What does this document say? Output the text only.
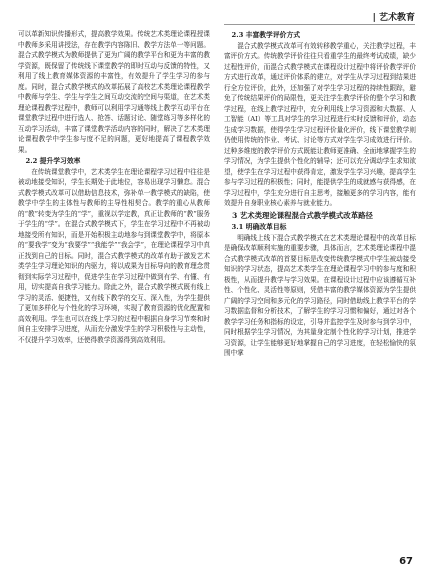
| 艺术教育

可以革新知识传播形式，提高教学效果。传统艺术类理论课程授课中教师多采用讲授法，存在教学内容陈旧、教学方法单一等问题。混合式教学模式为教师提供了更为广阔的教学平台和更为丰富的教学资源，既保留了传统线下课堂教学的即时互动与反馈的特性，又利用了线上教育媒体资源的丰富性，有效提升了学生学习的参与度。同时，混合式教学模式的改革拓展了高校艺术类理论课程教学中教师与学生、学生与学生之间互动交流的空间与渠道，在艺术类理论课程教学过程中，教师可以利用学习通等线上教学互动平台在课堂教学过程中进行选人、抢答、话题讨论、随堂练习等多样化的互动学习活动，丰富了课堂教学活动内容的同时，解决了艺术类理论课程教学中学生参与度不足的问题，更好地提高了课程教学效果。

2.2 提升学习效率

在传统课堂教学中，艺术类学生在理论课程学习过程中往往是被动地接受知识，学生长期处于此地位，容易出现学习懒怠。混合式教学模式改革可以借助信息技术，弥补单一教学模式的缺陷，使教学中学生的主体性与教师的主导性相契合。教学的重心从教师的“教”转变为学生的“学”，重视以学定教，真正让教师的“教”服务于学生的“学”。在混合式教学模式下，学生在学习过程中不再被动地接受所有知识，而是开始积极主动地参与到课堂教学中，将原本的“要我学”变为“我要学”“我能学”“我会学”，在理论课程学习中真正找到自己的目标。同时，混合式教学模式的改革有助于激发艺术类学生学习理论知识的内驱力，将以成果为目标导向的教育理念贯彻到实际学习过程中，促进学生在学习过程中做到有学、有懂、有用，切实提高自我学习能力。除此之外，混合式教学模式既有线上学习的灵活、便捷性，又有线下教学的交互、深入性，为学生提供了更加多样化与个性化的学习环境，实现了教育资源的优化配置和高效利用。学生也可以在线上学习的过程中根据自身学习节奏和时间自主安排学习进度，从而充分激发学生的学习积极性与主动性，不仅提升学习效率，还使得教学资源得到高效利用。

2.3 丰富教学评价方式

混合式教学模式改革可有效转移教学重心，关注教学过程，丰富评价方式。传统教学评价往往只看重学生的最终考试成绩，缺少过程性评价，而混合式教学模式在课程设计过程中将评价教学评价方式进行改革，通过评价体系的建立，对学生从学习过程到结果进行全方位评价，此外，还加强了对学生学习过程的持续性跟踪，避免了传统结果评价的局限性，更关注学生教学评价的整个学习和教学过程，在线上教学过程中，充分利用线上学习资源和大数据、人工智能（AI）等工具对学生的学习过程进行实时反馈和评价，动态生成学习数据，使得学生学习过程评价量化评价，线下课堂教学则仍使用传统的作业、考试、讨论等方式对学生学习成效进行评价。过种多维度的教学评价方式既能让教师更准确、全面地掌握学生的学习情况，为学生提供个性化的辅导；还可以充分调动学生求知欲望，使学生在学习过程中获得肯定，激发学生学习兴趣，提高学生参与学习过程的积极性；同时，能提供学生的成就感与获得感，在学习过程中，学生充分进行自主思考，接触更多的学习内容，能有效提升自身职业核心素养与就业能力。

3 艺术类理论课程混合式教学模式改革路径
3.1 明确改革目标

明确线上线下混合式教学模式在艺术类理论课程中的改革目标是确保改革顺利实施的重要步骤，具体而言，艺术类理论课程中混合式教学模式改革的首要目标是改变传统教学模式中学生被动接受知识的学习状态，提高艺术类学生在理论课程学习中的参与度和积极性，从而提升教学与学习效果。在课程设计过程中应该遵循互补性、个性化、灵活性等原则，凭借丰富的教学媒体资源为学生提供广阔的学习空间和多元化的学习路径，同时借助线上教学平台的学习数据监督和分析技术，了解学生的学习习惯和偏好，通过对各个教学学习任务和指标的设定，引导并监控学生及时参与到学习中，同时根据学生学习情况，为其量身定制个性化的学习计划，推进学习资源，让学生能够更好地掌握自己的学习进度，在轻松愉快的氛围中掌

67
